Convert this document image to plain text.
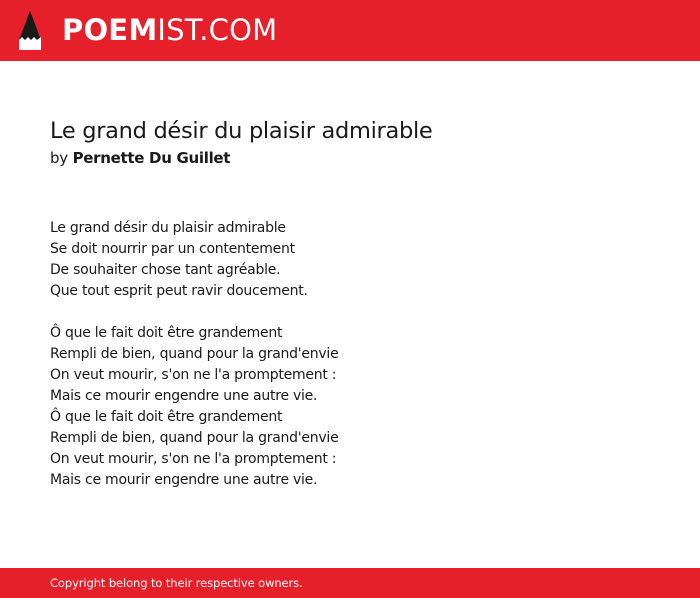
POEMIST.COM
Le grand désir du plaisir admirable
by Pernette Du Guillet
Le grand désir du plaisir admirable
Se doit nourrir par un contentement
De souhaiter chose tant agréable.
Que tout esprit peut ravir doucement.
Ô que le fait doit être grandement
Rempli de bien, quand pour la grand'envie
On veut mourir, s'on ne l'a promptement :
Mais ce mourir engendre une autre vie.
Ô que le fait doit être grandement
Rempli de bien, quand pour la grand'envie
On veut mourir, s'on ne l'a promptement :
Mais ce mourir engendre une autre vie.
Copyright belong to their respective owners.
